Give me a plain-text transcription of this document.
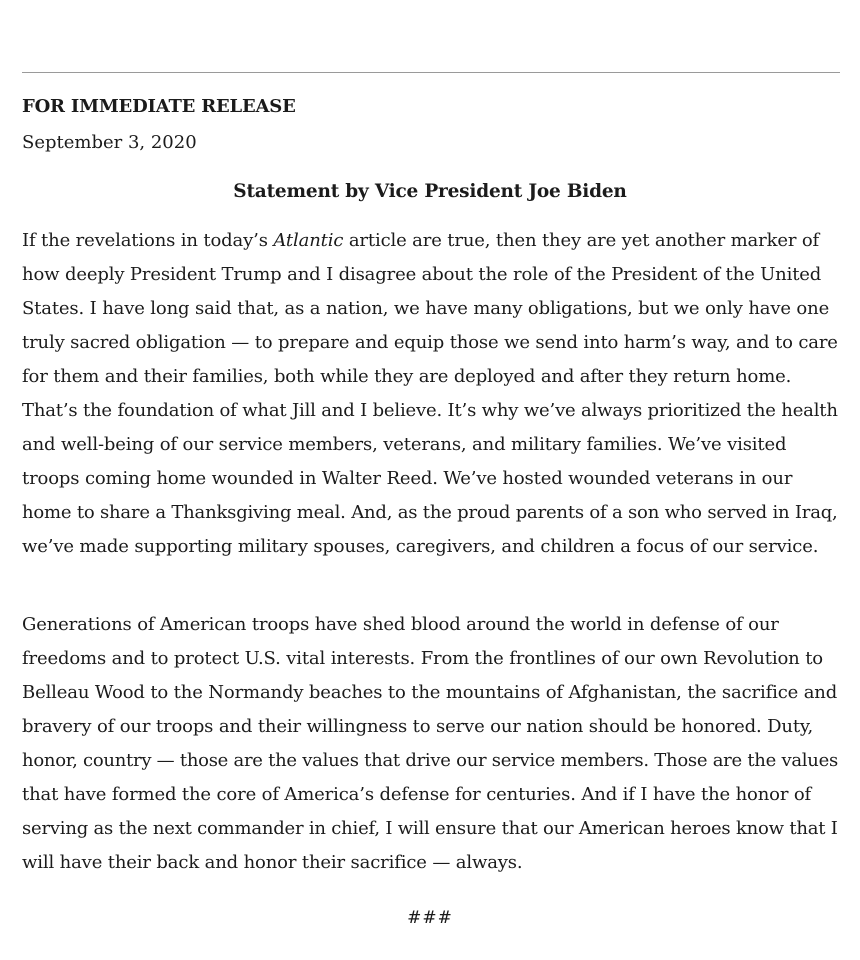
FOR IMMEDIATE RELEASE
September 3, 2020
Statement by Vice President Joe Biden

If the revelations in today’s Atlantic article are true, then they are yet another marker of
how deeply President Trump and I disagree about the role of the President of the United
States. I have long said that, as a nation, we have many obligations, but we only have one
truly sacred obligation — to prepare and equip those we send into harm’s way, and to care
for them and their families, both while they are deployed and after they return home.
That’s the foundation of what Jill and I believe. It’s why we’ve always prioritized the health
and well-being of our service members, veterans, and military families. We’ve visited
troops coming home wounded in Walter Reed. We’ve hosted wounded veterans in our
home to share a Thanksgiving meal. And, as the proud parents of a son who served in Iraq,
we’ve made supporting military spouses, caregivers, and children a focus of our service.

Generations of American troops have shed blood around the world in defense of our
freedoms and to protect U.S. vital interests. From the frontlines of our own Revolution to
Belleau Wood to the Normandy beaches to the mountains of Afghanistan, the sacrifice and
bravery of our troops and their willingness to serve our nation should be honored. Duty,
honor, country — those are the values that drive our service members. Those are the values
that have formed the core of America’s defense for centuries. And if I have the honor of
serving as the next commander in chief, I will ensure that our American heroes know that I
will have their back and honor their sacrifice — always.

###
